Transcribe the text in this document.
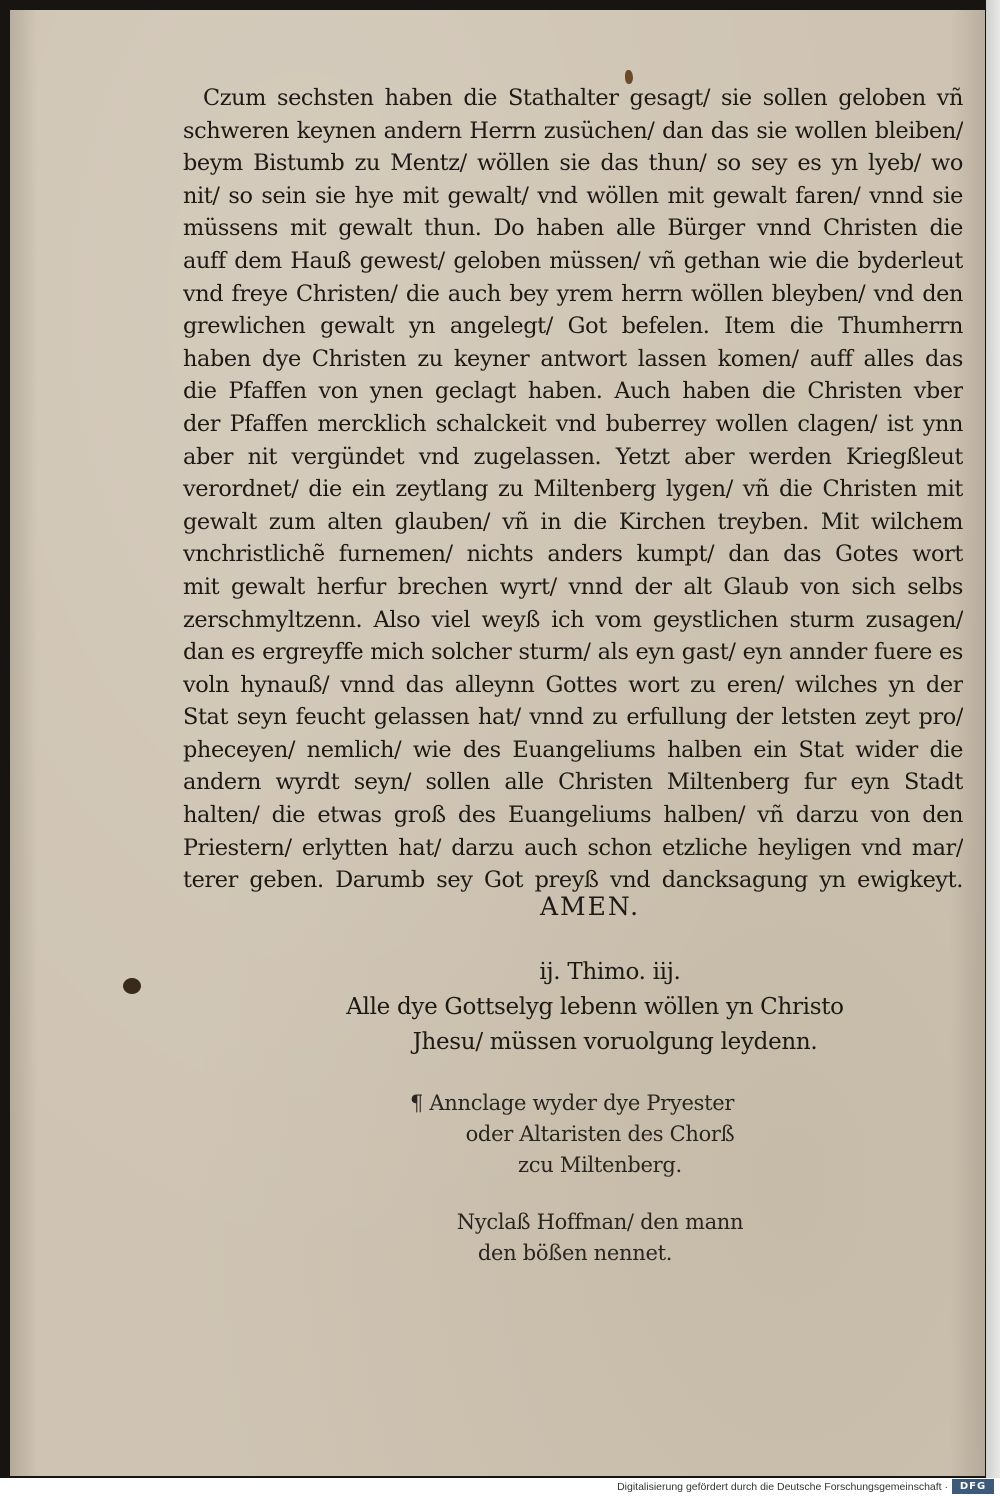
Czum sechsten haben die Stathalter gesagt/ sie sollen geloben vñ
schweren keynen andern Herrn zusüchen/ dan das sie wollen bleiben/
beym Bistumb zu Mentz/ wöllen sie das thun/ so sey es yn lyeb/ wo
nit/ so sein sie hye mit gewalt/ vnd wöllen mit gewalt faren/ vnnd sie
müssens mit gewalt thun. Do haben alle Bürger vnnd Christen die
auff dem Hauß gewest/ geloben müssen/ vñ gethan wie die byderleut
vnd freye Christen/ die auch bey yrem herrn wöllen bleyben/ vnd den
grewlichen gewalt yn angelegt/ Got befelen. Item die Thumherrn
haben dye Christen zu keyner antwort lassen komen/ auff alles das
die Pfaffen von ynen geclagt haben. Auch haben die Christen vber
der Pfaffen mercklich schalckeit vnd buberrey wollen clagen/ ist ynn
aber nit vergündet vnd zugelassen. Yetzt aber werden Kriegßleut
verordnet/ die ein zeytlang zu Miltenberg lygen/ vñ die Christen mit
gewalt zum alten glauben/ vñ in die Kirchen treyben. Mit wilchem
vnchristlichẽ furnemen/ nichts anders kumpt/ dan das Gotes wort
mit gewalt herfur brechen wyrt/ vnnd der alt Glaub von sich selbs
zerschmyltzenn. Also viel weyß ich vom geystlichen sturm zusagen/
dan es ergreyffe mich solcher sturm/ als eyn gast/ eyn annder fuere es
voln hynauß/ vnnd das alleynn Gottes wort zu eren/ wilches yn der
Stat seyn feucht gelassen hat/ vnnd zu erfullung der letsten zeyt pro/
pheceyen/ nemlich/ wie des Euangeliums halben ein Stat wider die
andern wyrdt seyn/ sollen alle Christen Miltenberg fur eyn Stadt
halten/ die etwas groß des Euangeliums halben/ vñ darzu von den
Priestern/ erlytten hat/ darzu auch schon etzliche heyligen vnd mar/
terer geben. Darumb sey Got preyß vnd dancksagung yn ewigkeyt.
AMEN.
ij. Thimo. iij.
Alle dye Gottselyg lebenn wöllen yn Christo
Jhesu/ müssen voruolgung leydenn.
¶ Annclage wyder dye Pryester
oder Altaristen des Chorß
zcu Miltenberg.
Nyclaß Hoffman/ den mann
den bößen nennet.
Digitalisierung gefördert durch die Deutsche Forschungsgemeinschaft ·	DFG
